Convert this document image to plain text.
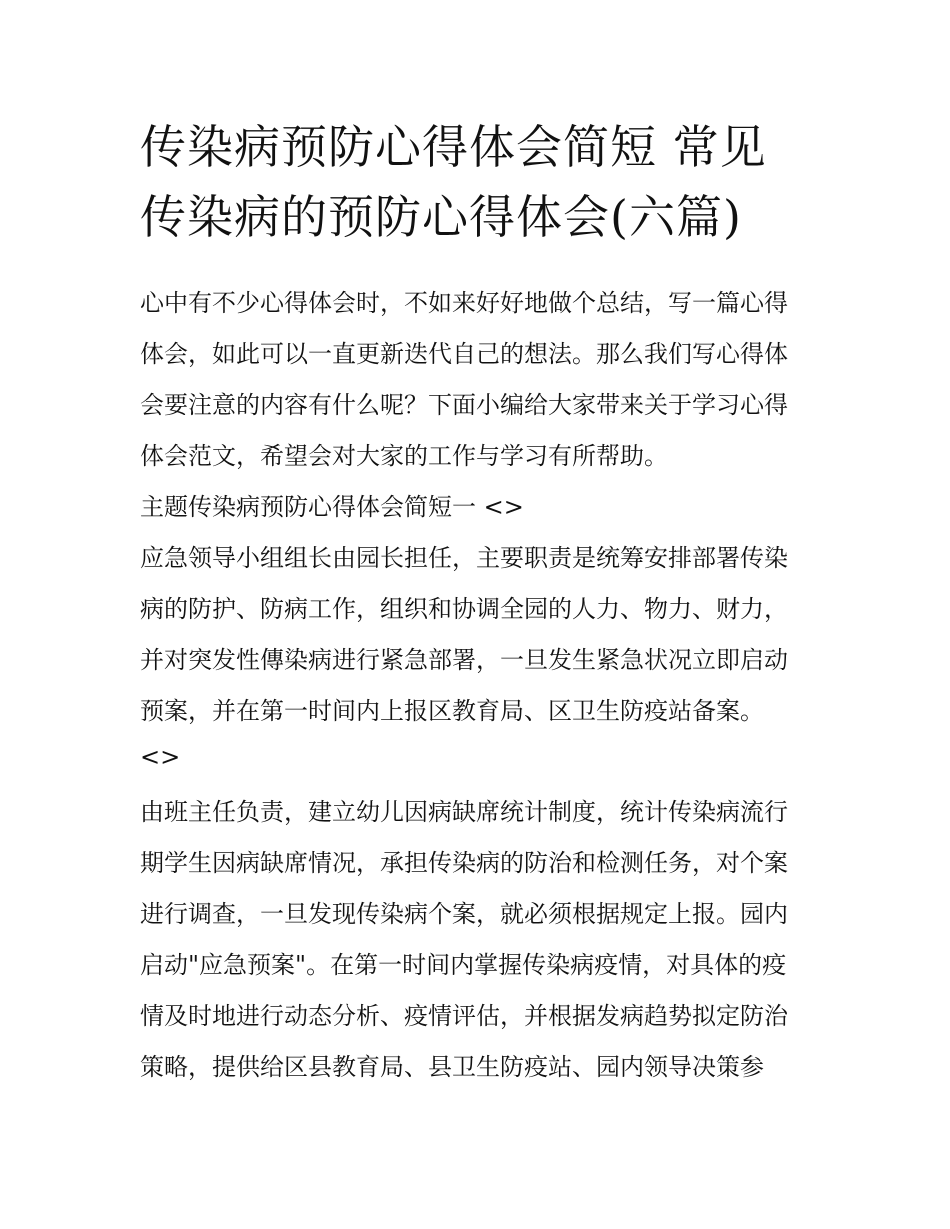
传染病预防心得体会简短 常见
传染病的预防心得体会(六篇)
心中有不少心得体会时，不如来好好地做个总结，写一篇心得
体会，如此可以一直更新迭代自己的想法。那么我们写心得体
会要注意的内容有什么呢？下面小编给大家带来关于学习心得
体会范文，希望会对大家的工作与学习有所帮助。
主题传染病预防心得体会简短一 <>
应急领导小组组长由园长担任，主要职责是统筹安排部署传染
病的防护、防病工作，组织和协调全园的人力、物力、财力，
并对突发性傳染病进行紧急部署，一旦发生紧急状况立即启动
预案，并在第一时间内上报区教育局、区卫生防疫站备案。
<>
由班主任负责，建立幼儿因病缺席统计制度，统计传染病流行
期学生因病缺席情况，承担传染病的防治和检测任务，对个案
进行调查，一旦发现传染病个案，就必须根据规定上报。园内
启动"应急预案"。在第一时间内掌握传染病疫情，对具体的疫
情及时地进行动态分析、疫情评估，并根据发病趋势拟定防治
策略，提供给区县教育局、县卫生防疫站、园内领导决策参
